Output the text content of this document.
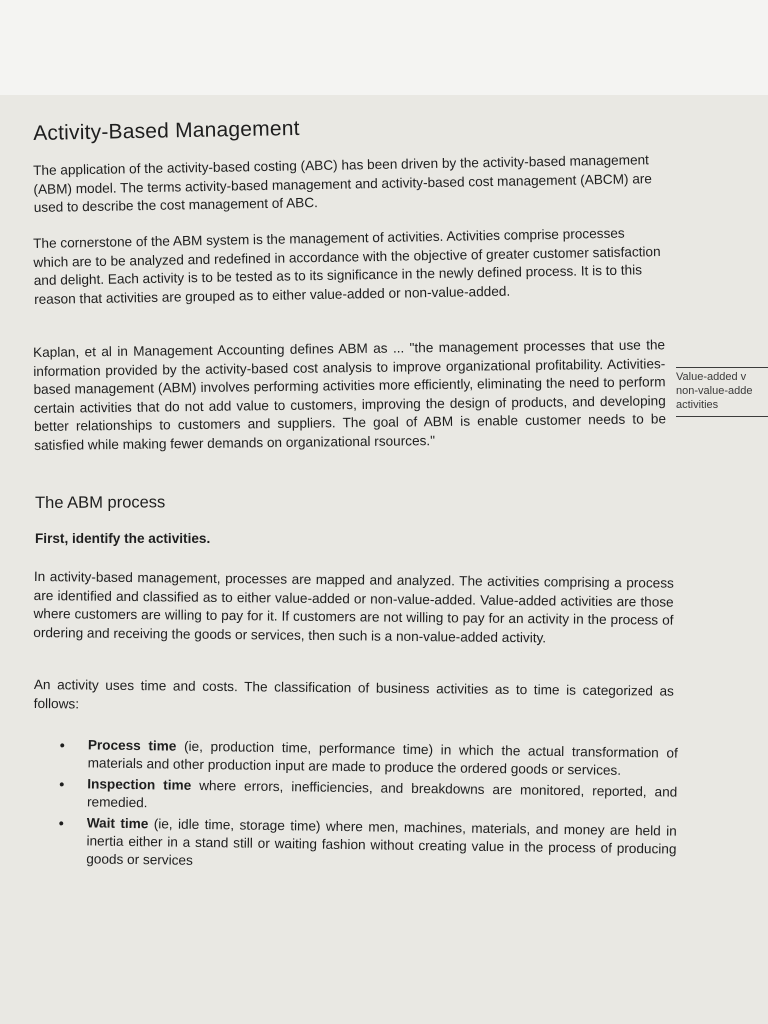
Activity-Based Management

The application of the activity-based costing (ABC) has been driven by the activity-based management (ABM) model. The terms activity-based management and activity-based cost management (ABCM) are used to describe the cost management of ABC.

The cornerstone of the ABM system is the management of activities. Activities comprise processes which are to be analyzed and redefined in accordance with the objective of greater customer satisfaction and delight. Each activity is to be tested as to its significance in the newly defined process. It is to this reason that activities are grouped as to either value-added or non-value-added.

Kaplan, et al in Management Accounting defines ABM as ... "the management processes that use the information provided by the activity-based cost analysis to improve organizational profitability. Activities-based management (ABM) involves performing activities more efficiently, eliminating the need to perform certain activities that do not add value to customers, improving the design of products, and developing better relationships to customers and suppliers. The goal of ABM is enable customer needs to be satisfied while making fewer demands on organizational rsources."

Value-added v
non-value-adde
activities
The ABM process

First, identify the activities.

In activity-based management, processes are mapped and analyzed. The activities comprising a process are identified and classified as to either value-added or non-value-added. Value-added activities are those where customers are willing to pay for it. If customers are not willing to pay for an activity in the process of ordering and receiving the goods or services, then such is a non-value-added activity.

An activity uses time and costs. The classification of business activities as to time is categorized as follows:

• Process time (ie, production time, performance time) in which the actual transformation of materials and other production input are made to produce the ordered goods or services.
• Inspection time where errors, inefficiencies, and breakdowns are monitored, reported, and remedied.
• Wait time (ie, idle time, storage time) where men, machines, materials, and money are held in inertia either in a stand still or waiting fashion without creating value in the process of producing goods or services
